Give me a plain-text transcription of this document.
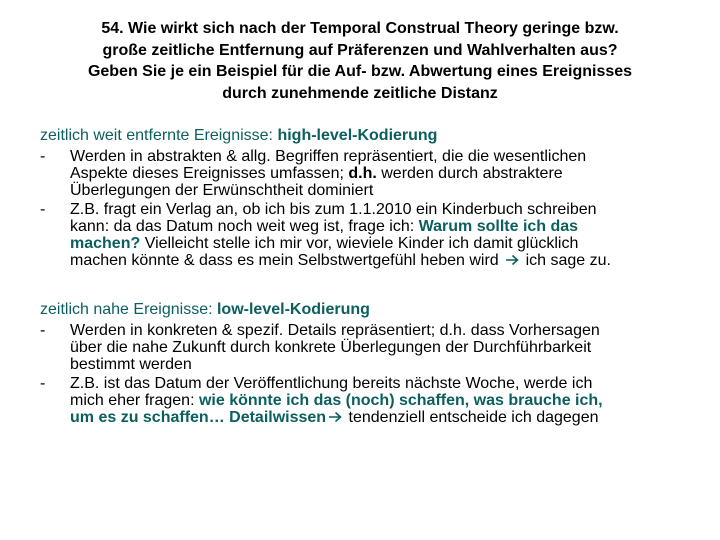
54. Wie wirkt sich nach der Temporal Construal Theory geringe bzw.
große zeitliche Entfernung auf Präferenzen und Wahlverhalten aus?
Geben Sie je ein Beispiel für die Auf- bzw. Abwertung eines Ereignisses
durch zunehmende zeitliche Distanz
zeitlich weit entfernte Ereignisse: high-level-Kodierung
- Werden in abstrakten & allg. Begriffen repräsentiert, die die wesentlichen
Aspekte dieses Ereignisses umfassen; d.h. werden durch abstraktere
Überlegungen der Erwünschtheit dominiert
- Z.B. fragt ein Verlag an, ob ich bis zum 1.1.2010 ein Kinderbuch schreiben
kann: da das Datum noch weit weg ist, frage ich: Warum sollte ich das
machen? Vielleicht stelle ich mir vor, wieviele Kinder ich damit glücklich
machen könnte & dass es mein Selbstwertgefühl heben wird  ich sage zu.
zeitlich nahe Ereignisse: low-level-Kodierung
- Werden in konkreten & spezif. Details repräsentiert; d.h. dass Vorhersagen
über die nahe Zukunft durch konkrete Überlegungen der Durchführbarkeit
bestimmt werden
- Z.B. ist das Datum der Veröffentlichung bereits nächste Woche, werde ich
mich eher fragen: wie könnte ich das (noch) schaffen, was brauche ich,
um es zu schaffen… Detailwissen tendenziell entscheide ich dagegen
